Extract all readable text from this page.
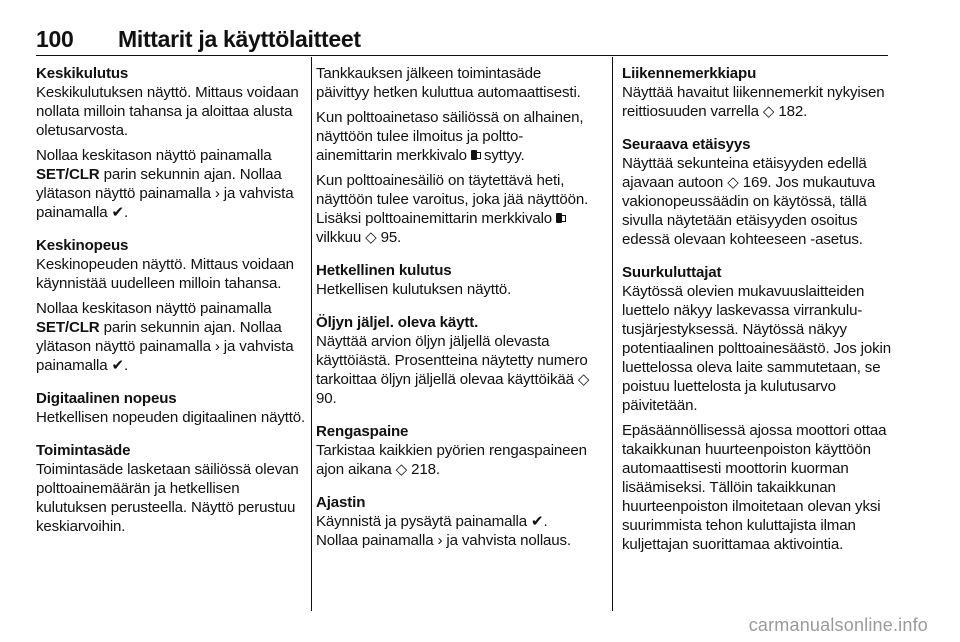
100 Mittarit ja käyttölaitteet
Keskikulutus

Keskikulutuksen näyttö. Mittaus voidaan nollata milloin tahansa ja aloittaa alusta oletusarvosta.

Nollaa keskitason näyttö painamalla SET/CLR parin sekunnin ajan. Nollaa ylätason näyttö painamalla › ja vahvista painamalla ✔.

Keskinopeus

Keskinopeuden näyttö. Mittaus voidaan käynnistää uudelleen milloin tahansa.

Nollaa keskitason näyttö painamalla SET/CLR parin sekunnin ajan. Nollaa ylätason näyttö painamalla › ja vahvista painamalla ✔.

Digitaalinen nopeus

Hetkellisen nopeuden digitaalinen näyttö.

Toimintasäde

Toimintasäde lasketaan säiliössä olevan polttoainemäärän ja hetkellisen kulutuksen perusteella. Näyttö perustuu keskiarvoihin.

Tankkauksen jälkeen toimintasäde päivittyy hetken kuluttua automaattisesti.

Kun polttoainetaso säiliössä on alhainen, näyttöön tulee ilmoitus ja polttoainemittarin merkkivalo  syttyy.

Kun polttoainesäiliö on täytettävä heti, näyttöön tulee varoitus, joka jää näyttöön. Lisäksi polttoainemittarin merkkivalo  vilkkuu ◇ 95.

Hetkellinen kulutus

Hetkellisen kulutuksen näyttö.

Öljyn jäljel. oleva käytt.

Näyttää arvion öljyn jäljellä olevasta käyttöiästä. Prosentteina näytetty numero tarkoittaa öljyn jäljellä olevaa käyttöikää ◇ 90.

Rengaspaine

Tarkistaa kaikkien pyörien rengaspaineen ajon aikana ◇ 218.

Ajastin

Käynnistä ja pysäytä painamalla ✔.
Nollaa painamalla › ja vahvista nollaus.

Liikennemerkkiapu

Näyttää havaitut liikennemerkit nykyisen reittiosuuden varrella ◇ 182.

Seuraava etäisyys

Näyttää sekunteina etäisyyden edellä ajavaan autoon ◇ 169. Jos mukautuva vakionopeussäädin on käytössä, tällä sivulla näytetään etäisyyden osoitus edessä olevaan kohteeseen -asetus.

Suurkuluttajat

Käytössä olevien mukavuuslaitteiden luettelo näkyy laskevassa virrankulutusjärjestyksessä. Näytössä näkyy potentiaalinen polttoainesäästö. Jos jokin luettelossa oleva laite sammutetaan, se poistuu luettelosta ja kulutusarvo päivitetään.

Epäsäännöllisessä ajossa moottori ottaa takaikkunan huurteenpoiston käyttöön automaattisesti moottorin kuorman lisäämiseksi. Tällöin takaikkunan huurteenpoiston ilmoitetaan olevan yksi suurimmista tehon kuluttajista ilman kuljettajan suorittamaa aktivointia.

carmanualsonline.info
